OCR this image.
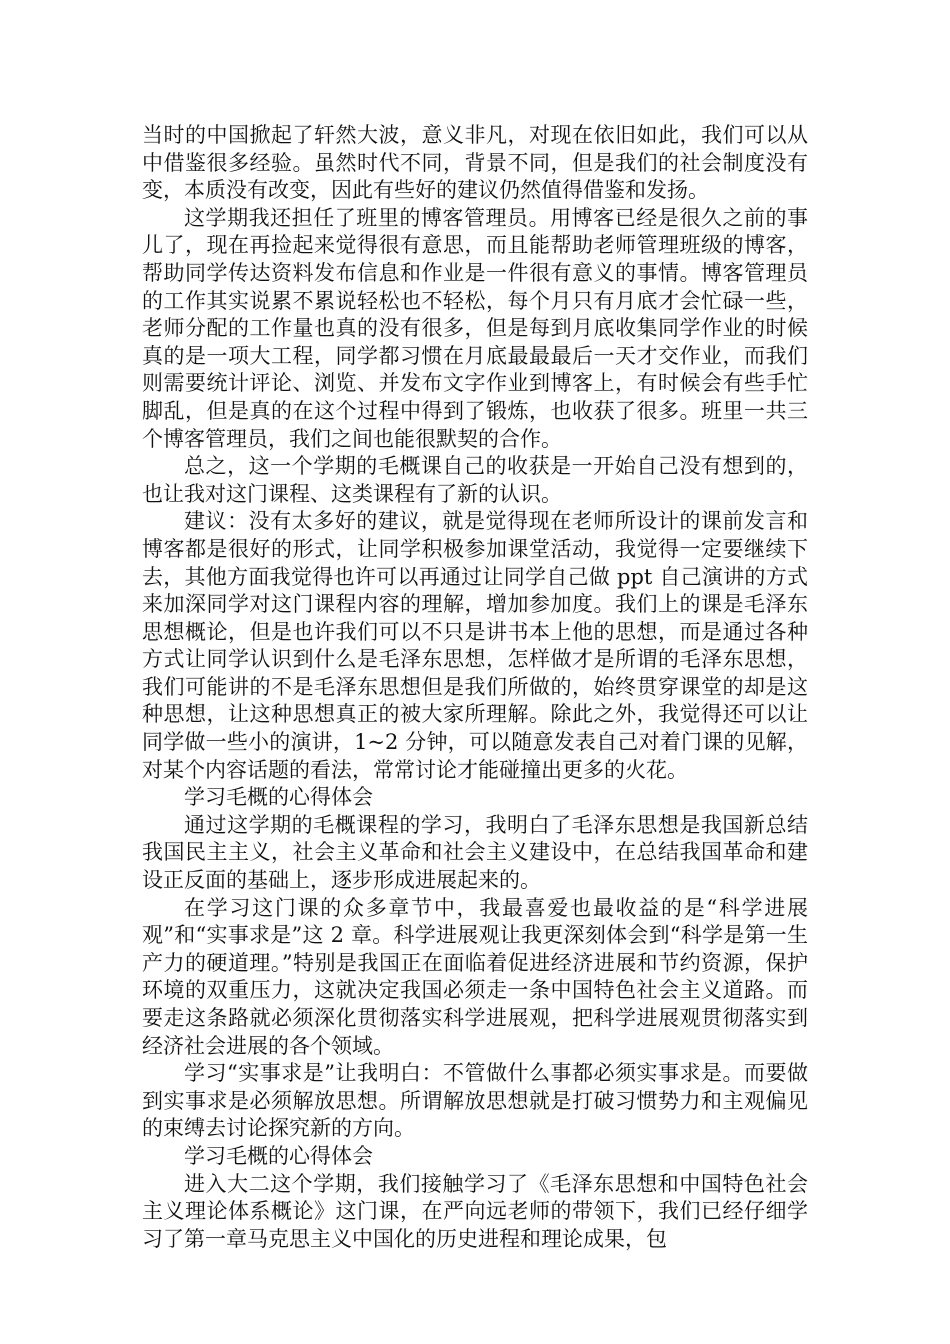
当时的中国掀起了轩然大波，意义非凡，对现在依旧如此，我们可以从中借鉴很多经验。虽然时代不同，背景不同，但是我们的社会制度没有变，本质没有改变，因此有些好的建议仍然值得借鉴和发扬。

这学期我还担任了班里的博客管理员。用博客已经是很久之前的事儿了，现在再捡起来觉得很有意思，而且能帮助老师管理班级的博客，帮助同学传达资料发布信息和作业是一件很有意义的事情。博客管理员的工作其实说累不累说轻松也不轻松，每个月只有月底才会忙碌一些，老师分配的工作量也真的没有很多，但是每到月底收集同学作业的时候真的是一项大工程，同学都习惯在月底最最最后一天才交作业，而我们则需要统计评论、浏览、并发布文字作业到博客上，有时候会有些手忙脚乱，但是真的在这个过程中得到了锻炼，也收获了很多。班里一共三个博客管理员，我们之间也能很默契的合作。

总之，这一个学期的毛概课自己的收获是一开始自己没有想到的，也让我对这门课程、这类课程有了新的认识。

建议：没有太多好的建议，就是觉得现在老师所设计的课前发言和博客都是很好的形式，让同学积极参加课堂活动，我觉得一定要继续下去，其他方面我觉得也许可以再通过让同学自己做 ppt 自己演讲的方式来加深同学对这门课程内容的理解，增加参加度。我们上的课是毛泽东思想概论，但是也许我们可以不只是讲书本上他的思想，而是通过各种方式让同学认识到什么是毛泽东思想，怎样做才是所谓的毛泽东思想，我们可能讲的不是毛泽东思想但是我们所做的，始终贯穿课堂的却是这种思想，让这种思想真正的被大家所理解。除此之外，我觉得还可以让同学做一些小的演讲，1~2 分钟，可以随意发表自己对着门课的见解，对某个内容话题的看法，常常讨论才能碰撞出更多的火花。

学习毛概的心得体会

通过这学期的毛概课程的学习，我明白了毛泽东思想是我国新总结我国民主主义，社会主义革命和社会主义建设中，在总结我国革命和建设正反面的基础上，逐步形成进展起来的。

在学习这门课的众多章节中，我最喜爱也最收益的是“科学进展观”和“实事求是”这 2 章。科学进展观让我更深刻体会到“科学是第一生产力的硬道理。”特别是我国正在面临着促进经济进展和节约资源，保护环境的双重压力，这就决定我国必须走一条中国特色社会主义道路。而要走这条路就必须深化贯彻落实科学进展观，把科学进展观贯彻落实到经济社会进展的各个领域。

学习“实事求是”让我明白：不管做什么事都必须实事求是。而要做到实事求是必须解放思想。所谓解放思想就是打破习惯势力和主观偏见的束缚去讨论探究新的方向。

学习毛概的心得体会

进入大二这个学期，我们接触学习了《毛泽东思想和中国特色社会主义理论体系概论》这门课，在严向远老师的带领下，我们已经仔细学习了第一章马克思主义中国化的历史进程和理论成果，包
